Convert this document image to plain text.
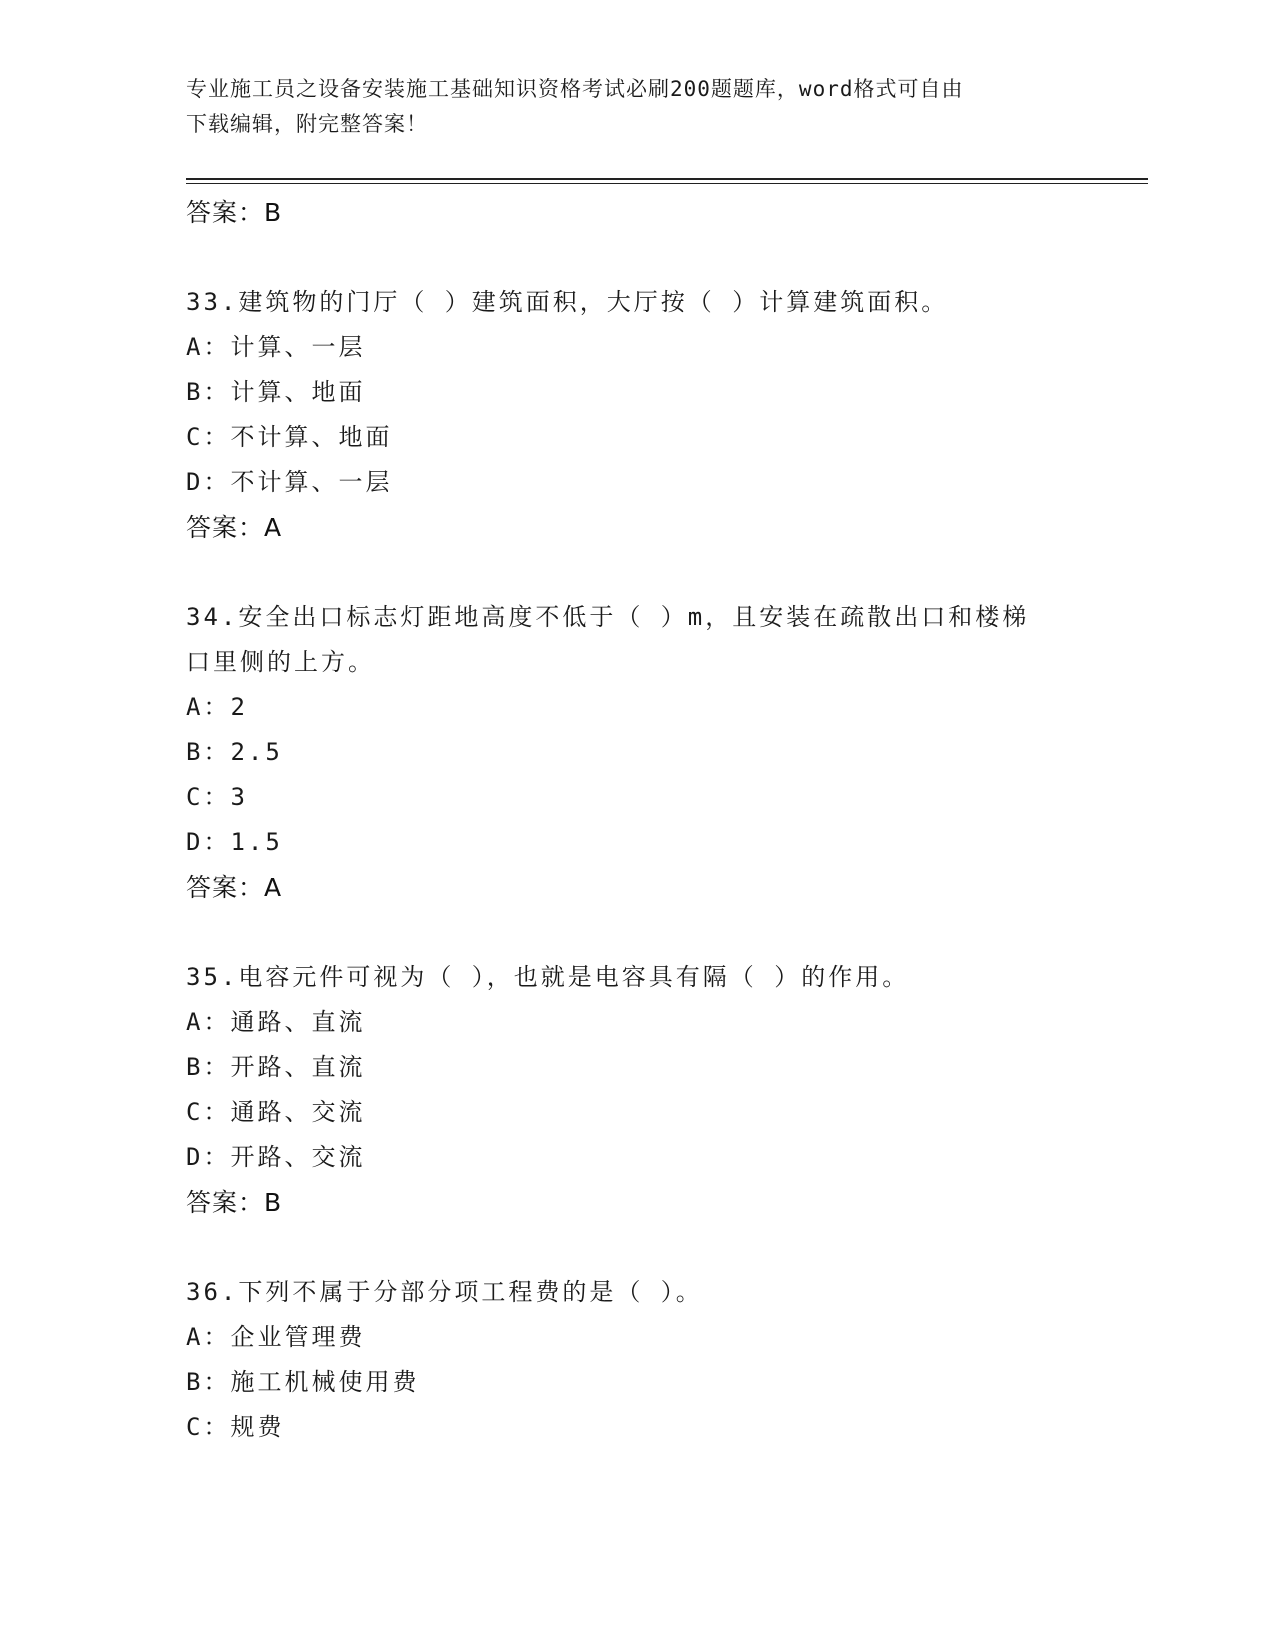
专业施工员之设备安装施工基础知识资格考试必刷200题题库，word格式可自由
下载编辑，附完整答案！
答案：B
33.建筑物的门厅（ ）建筑面积，大厅按（ ）计算建筑面积。
A：计算、一层
B：计算、地面
C：不计算、地面
D：不计算、一层
答案：A
34.安全出口标志灯距地高度不低于（ ）m，且安装在疏散出口和楼梯
口里侧的上方。
A：2
B：2.5
C：3
D：1.5
答案：A
35.电容元件可视为（ ），也就是电容具有隔（ ）的作用。
A：通路、直流
B：开路、直流
C：通路、交流
D：开路、交流
答案：B
36.下列不属于分部分项工程费的是（ ）。
A：企业管理费
B：施工机械使用费
C：规费
